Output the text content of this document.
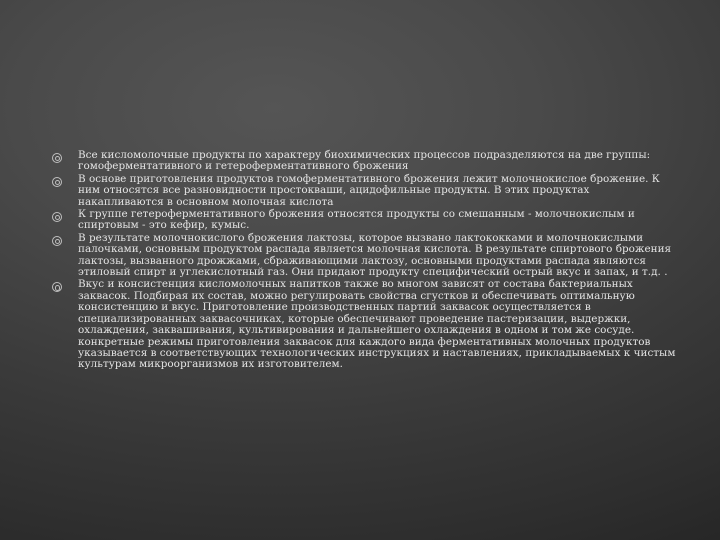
Все кисломолочные продукты по характеру биохимических процессов подразделяются на две группы: гомоферментативного и гетероферментативного брожения
В основе приготовления продуктов гомоферментативного брожения лежит молочнокислое брожение. К ним относятся все разновидности простокваши, ацидофильные продукты. В этих продуктах накапливаются в основном молочная кислота
К группе гетероферментативного брожения относятся продукты со смешанным - молочнокислым и спиртовым - это кефир, кумыс.
В результате молочнокислого брожения лактозы, которое вызвано лактококками и молочнокислыми палочками, основным продуктом распада является молочная кислота. В результате спиртового брожения лактозы, вызванного дрожжами, сбраживающими лактозу, основными продуктами распада являются этиловый спирт и углекислотный газ. Они придают продукту специфический острый вкус и запах, и т.д. .
Вкус и консистенция кисломолочных напитков также во многом зависят от состава бактериальных заквасок. Подбирая их состав, можно регулировать свойства сгустков и обеспечивать оптимальную консистенцию и вкус. Приготовление производственных партий заквасок осуществляется в специализированных заквасочниках, которые обеспечивают проведение пастеризации, выдержки, охлаждения, заквашивания, культивирования и дальнейшего охлаждения в одном и том же сосуде. конкретные режимы приготовления заквасок для каждого вида ферментативных молочных продуктов указывается в соответствующих технологических инструкциях и наставлениях, прикладываемых к чистым культурам микроорганизмов их изготовителем.
